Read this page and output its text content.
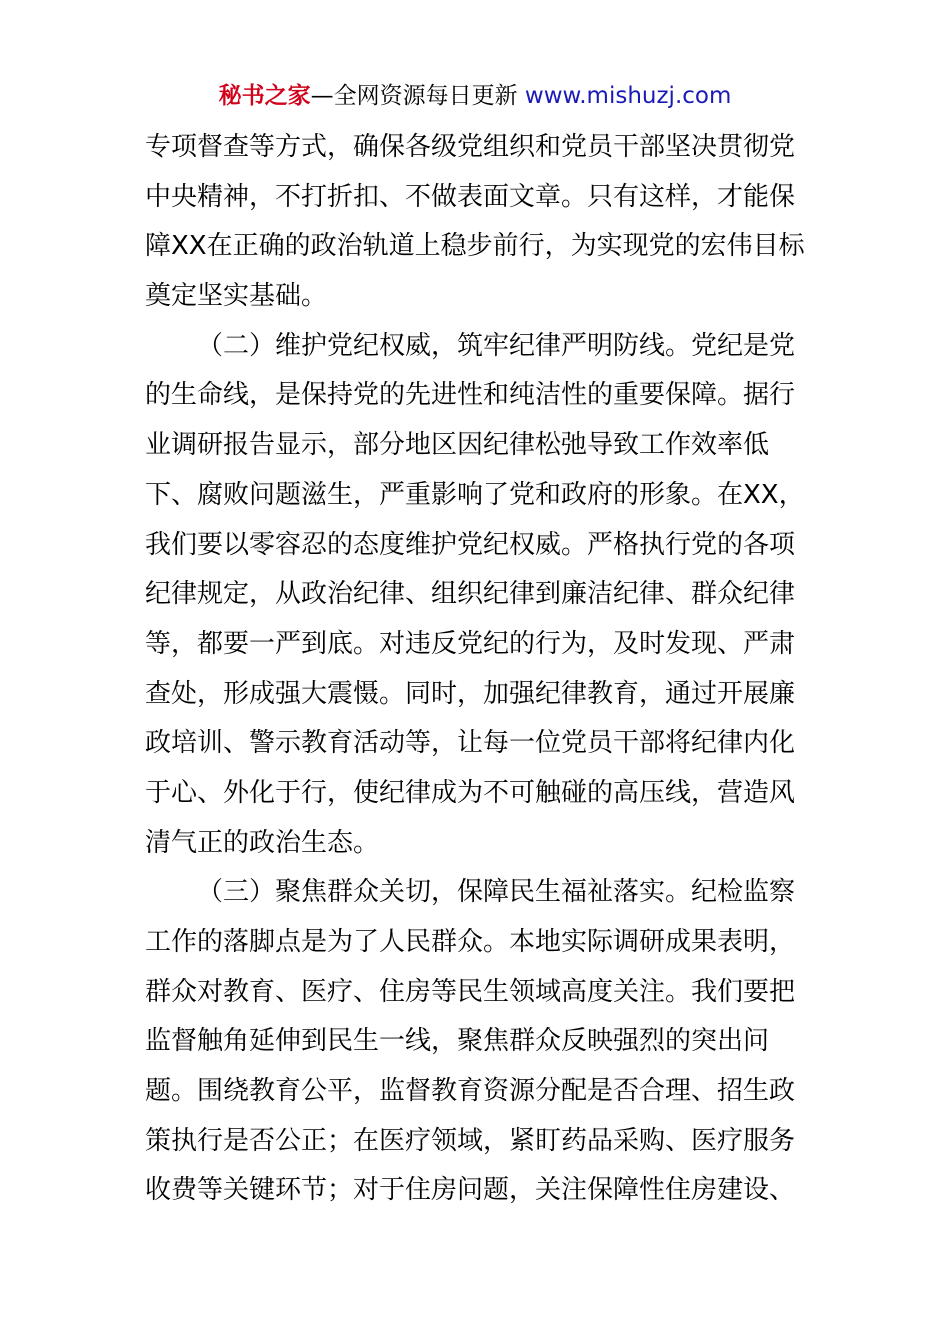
秘书之家—全网资源每日更新 www.mishuzj.com
专项督查等方式，确保各级党组织和党员干部坚决贯彻党
中央精神，不打折扣、不做表面文章。只有这样，才能保
障XX在正确的政治轨道上稳步前行，为实现党的宏伟目标
奠定坚实基础。
（二）维护党纪权威，筑牢纪律严明防线。党纪是党
的生命线，是保持党的先进性和纯洁性的重要保障。据行
业调研报告显示，部分地区因纪律松弛导致工作效率低
下、腐败问题滋生，严重影响了党和政府的形象。在XX，
我们要以零容忍的态度维护党纪权威。严格执行党的各项
纪律规定，从政治纪律、组织纪律到廉洁纪律、群众纪律
等，都要一严到底。对违反党纪的行为，及时发现、严肃
查处，形成强大震慑。同时，加强纪律教育，通过开展廉
政培训、警示教育活动等，让每一位党员干部将纪律内化
于心、外化于行，使纪律成为不可触碰的高压线，营造风
清气正的政治生态。
（三）聚焦群众关切，保障民生福祉落实。纪检监察
工作的落脚点是为了人民群众。本地实际调研成果表明，
群众对教育、医疗、住房等民生领域高度关注。我们要把
监督触角延伸到民生一线，聚焦群众反映强烈的突出问
题。围绕教育公平，监督教育资源分配是否合理、招生政
策执行是否公正；在医疗领域，紧盯药品采购、医疗服务
收费等关键环节；对于住房问题，关注保障性住房建设、
